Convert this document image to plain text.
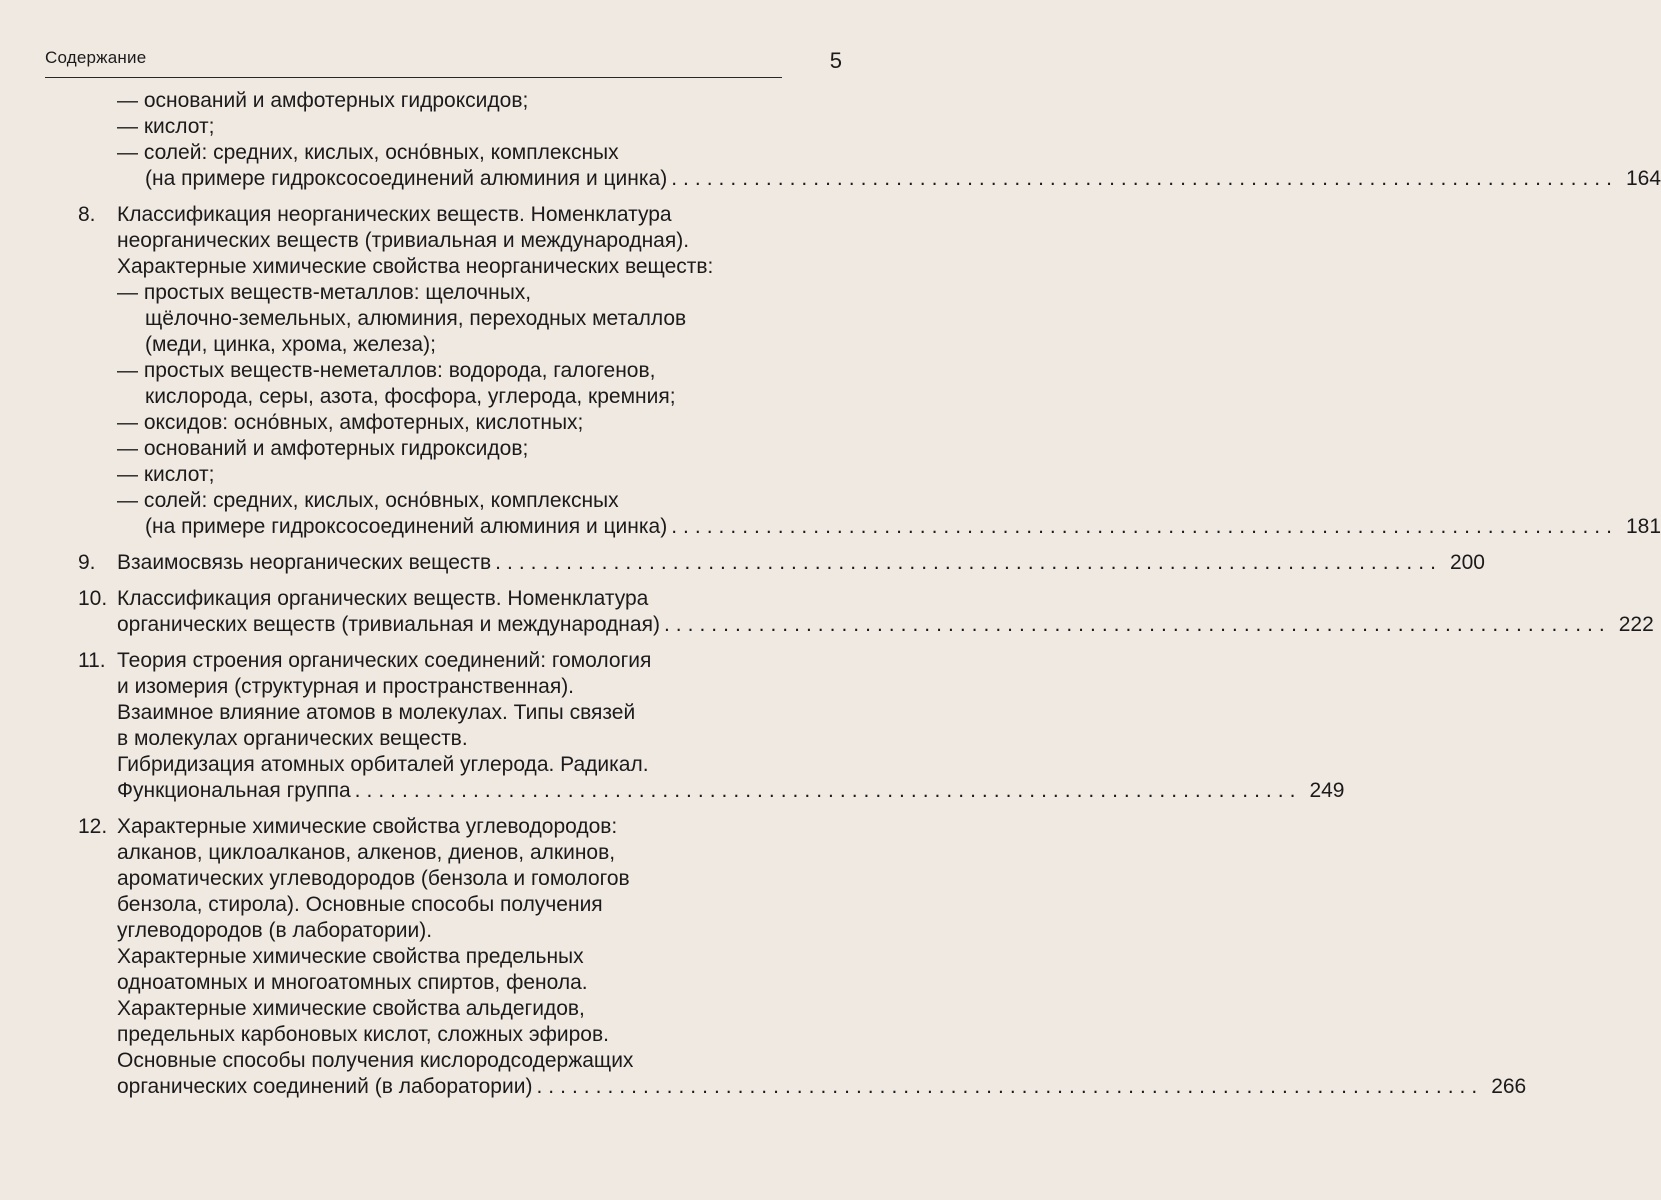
Содержание	5
— оснований и амфотерных гидроксидов;
— кислот;
— солей: средних, кислых, осно́вных, комплексных
(на примере гидроксосоединений алюминия и цинка) ................................................................................ 164
8. Классификация неорганических веществ. Номенклатура
неорганических веществ (тривиальная и международная).
Характерные химические свойства неорганических веществ:
— простых веществ-металлов: щелочных,
щёлочно-земельных, алюминия, переходных металлов
(меди, цинка, хрома, железа);
— простых веществ-неметаллов: водорода, галогенов,
кислорода, серы, азота, фосфора, углерода, кремния;
— оксидов: осно́вных, амфотерных, кислотных;
— оснований и амфотерных гидроксидов;
— кислот;
— солей: средних, кислых, осно́вных, комплексных
(на примере гидроксосоединений алюминия и цинка) ................................................................................ 181
9. Взаимосвязь неорганических веществ ................................................................................ 200
10. Классификация органических веществ. Номенклатура
органических веществ (тривиальная и международная) ................................................................................ 222
11. Теория строения органических соединений: гомология
и изомерия (структурная и пространственная).
Взаимное влияние атомов в молекулах. Типы связей
в молекулах органических веществ.
Гибридизация атомных орбиталей углерода. Радикал.
Функциональная группа ................................................................................ 249
12. Характерные химические свойства углеводородов:
алканов, циклоалканов, алкенов, диенов, алкинов,
ароматических углеводородов (бензола и гомологов
бензола, стирола). Основные способы получения
углеводородов (в лаборатории).
Характерные химические свойства предельных
одноатомных и многоатомных спиртов, фенола.
Характерные химические свойства альдегидов,
предельных карбоновых кислот, сложных эфиров.
Основные способы получения кислородсодержащих
органических соединений (в лаборатории) ................................................................................ 266
